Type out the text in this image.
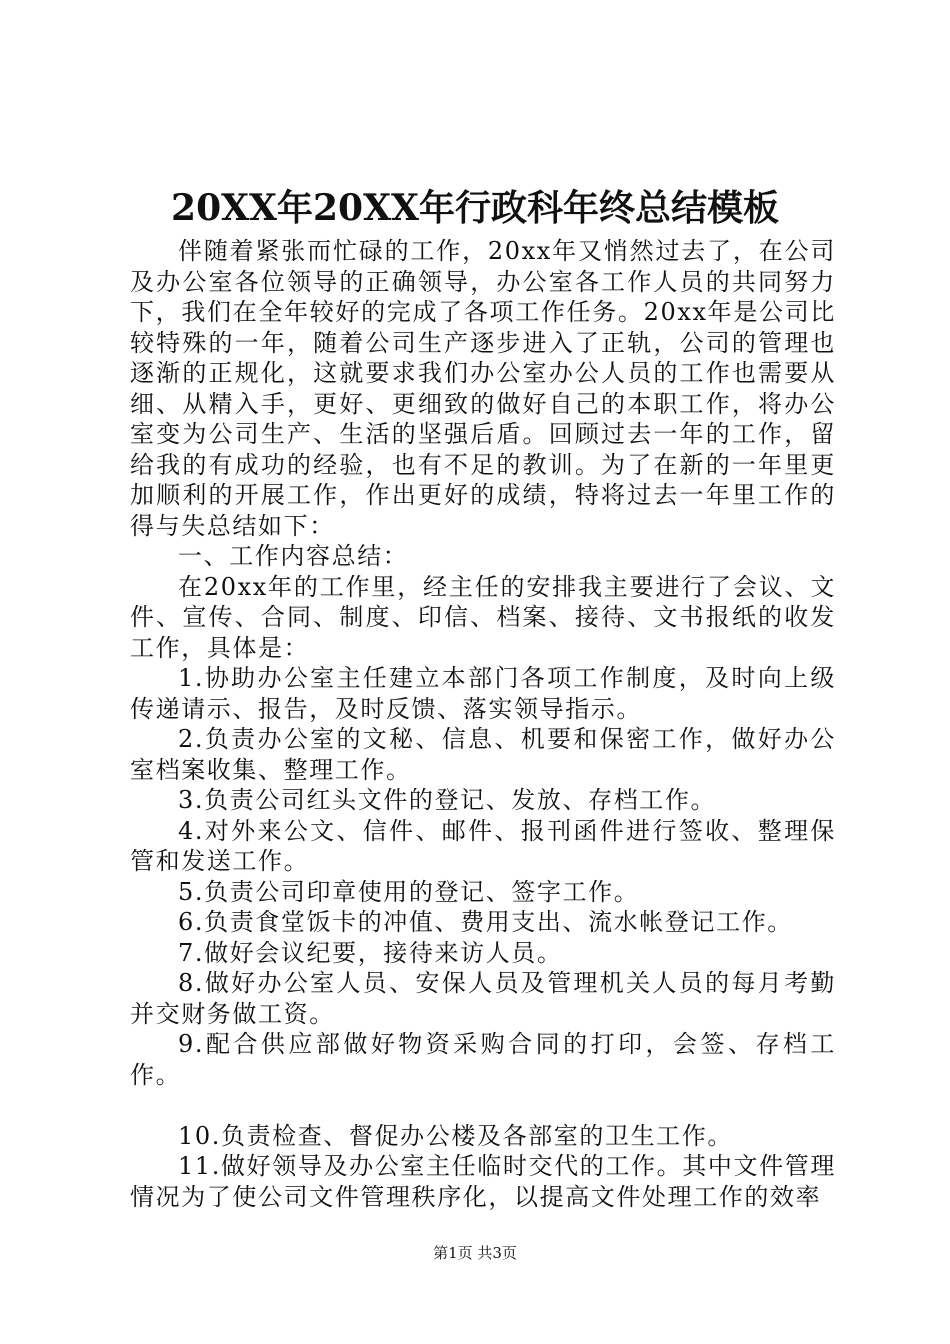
20XX年20XX年行政科年终总结模板

伴随着紧张而忙碌的工作，20xx年又悄然过去了，在公司及办公室各位领导的正确领导，办公室各工作人员的共同努力下，我们在全年较好的完成了各项工作任务。20xx年是公司比较特殊的一年，随着公司生产逐步进入了正轨，公司的管理也逐渐的正规化，这就要求我们办公室办公人员的工作也需要从细、从精入手，更好、更细致的做好自己的本职工作，将办公室变为公司生产、生活的坚强后盾。回顾过去一年的工作，留给我的有成功的经验，也有不足的教训。为了在新的一年里更加顺利的开展工作，作出更好的成绩，特将过去一年里工作的得与失总结如下：

一、工作内容总结：

在20xx年的工作里，经主任的安排我主要进行了会议、文件、宣传、合同、制度、印信、档案、接待、文书报纸的收发工作，具体是：

1.协助办公室主任建立本部门各项工作制度，及时向上级传递请示、报告，及时反馈、落实领导指示。

2.负责办公室的文秘、信息、机要和保密工作，做好办公室档案收集、整理工作。

3.负责公司红头文件的登记、发放、存档工作。

4.对外来公文、信件、邮件、报刊函件进行签收、整理保管和发送工作。

5.负责公司印章使用的登记、签字工作。

6.负责食堂饭卡的冲值、费用支出、流水帐登记工作。

7.做好会议纪要，接待来访人员。

8.做好办公室人员、安保人员及管理机关人员的每月考勤并交财务做工资。

9.配合供应部做好物资采购合同的打印，会签、存档工作。

10.负责检查、督促办公楼及各部室的卫生工作。

11.做好领导及办公室主任临时交代的工作。其中文件管理情况为了使公司文件管理秩序化，以提高文件处理工作的效率

第1页 共3页
